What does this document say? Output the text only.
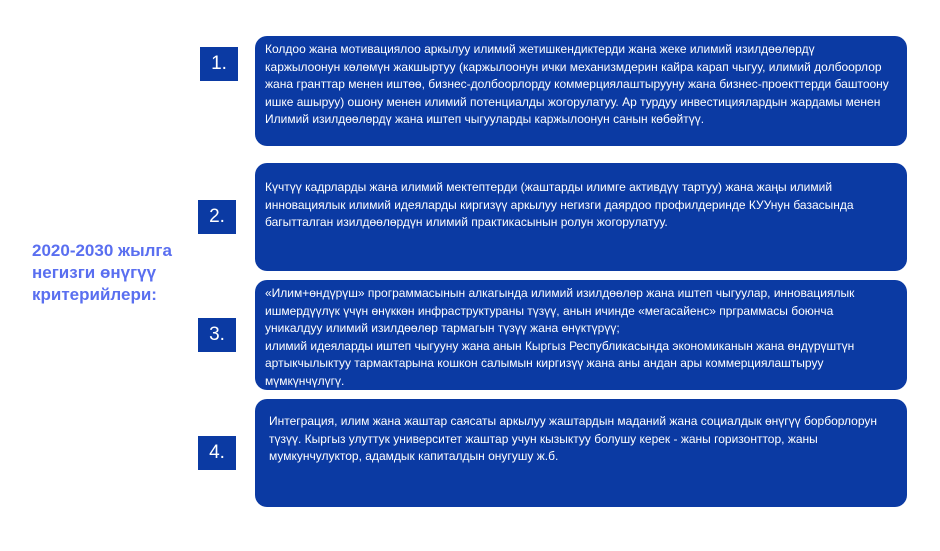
2020-2030 жылга негизги өнүгүү критерийлери:
1.

Колдоо жана мотивациялоо аркылуу илимий жетишкендиктерди жана жеке илимий изилдөөлөрдү каржылоонун көлөмүн жакшыртуу (каржылоонун ички механизмдерин кайра карап чыгуу, илимий долбоорлор жана гранттар менен иштөө, бизнес-долбоорлорду коммерциялаштырууну жана бизнес-проекттерди баштоону ишке ашыруу) ошону менен илимий потенциалды жогорулатуу. Ар турдуу инвестициялардын жардамы менен Илимий изилдөөлөрдү жана иштеп чыгууларды каржылоонун санын көбөйтүү.

2.

Күчтүү кадрларды жана илимий мектептерди (жаштарды илимге активдүү тартуу) жана жаңы илимий инновациялык илимий идеяларды киргизүү аркылуу негизги даярдоо профилдеринде КУУнун базасында багытталган изилдөөлөрдүн илимий практикасынын ролун жогорулатуу.

3.

«Илим+өндүрүш» программасынын алкагында илимий изилдөөлөр жана иштеп чыгуулар, инновациялык ишмердүүлүк үчүн өнүккөн инфраструктураны түзүү, анын ичинде «мегасайенс» прграммасы боюнча уникалдуу илимий изилдөөлөр тармагын түзүү жана өнүктүрүү;
илимий идеяларды иштеп чыгууну жана анын Кыргыз Республикасында экономиканын жана өндүрүштүн артыкчылыктуу тармактарына кошкон салымын киргизүү жана аны андан ары коммерциялаштыруу мүмкүнчүлүгү.

4.

Интеграция, илим жана жаштар саясаты аркылуу жаштардын маданий жана социалдык өнүгүү борборлорун түзүү. Кыргыз улуттук университет жаштар учун кызыктуу болушу керек - жаны горизонттор, жаны мумкунчулуктор, адамдык капиталдын онугушу ж.б.
